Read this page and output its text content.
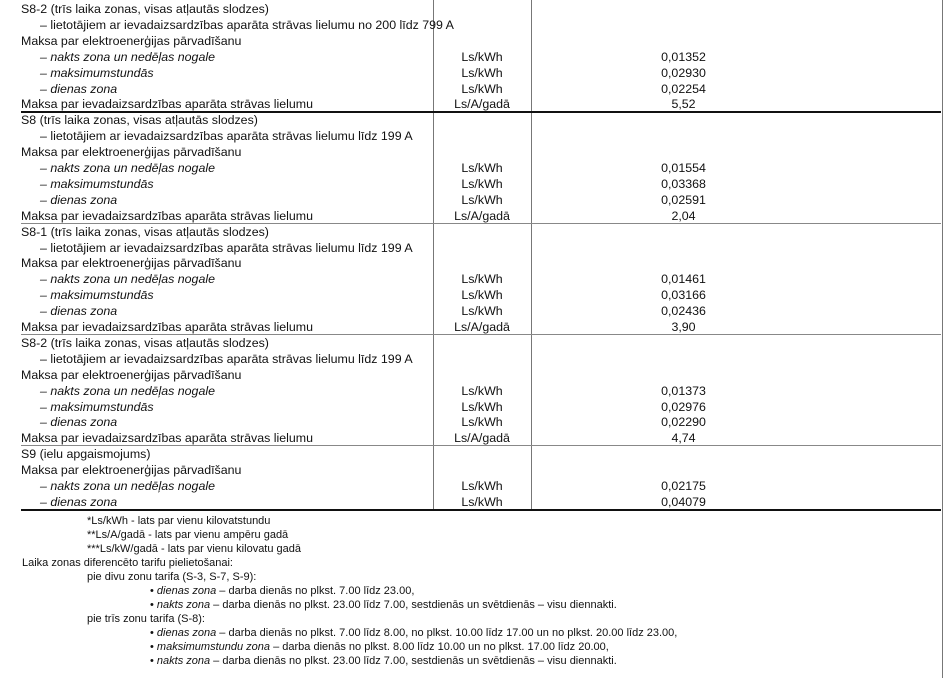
S8-2 (trīs laika zonas, visas atļautās slodzes)
– lietotājiem ar ievadaizsardzības aparāta strāvas lielumu no 200 līdz 799 A
Maksa par elektroenerģijas pārvadīšanu
– nakts zona un nedēļas nogale	Ls/kWh	0,01352
– maksimumstundās	Ls/kWh	0,02930
– dienas zona	Ls/kWh	0,02254
Maksa par ievadaizsardzības aparāta strāvas lielumu	Ls/A/gadā	5,52
S8 (trīs laika zonas, visas atļautās slodzes)
– lietotājiem ar ievadaizsardzības aparāta strāvas lielumu līdz 199 A
Maksa par elektroenerģijas pārvadīšanu
– nakts zona un nedēļas nogale	Ls/kWh	0,01554
– maksimumstundās	Ls/kWh	0,03368
– dienas zona	Ls/kWh	0,02591
Maksa par ievadaizsardzības aparāta strāvas lielumu	Ls/A/gadā	2,04
S8-1 (trīs laika zonas, visas atļautās slodzes)
– lietotājiem ar ievadaizsardzības aparāta strāvas lielumu līdz 199 A
Maksa par elektroenerģijas pārvadīšanu
– nakts zona un nedēļas nogale	Ls/kWh	0,01461
– maksimumstundās	Ls/kWh	0,03166
– dienas zona	Ls/kWh	0,02436
Maksa par ievadaizsardzības aparāta strāvas lielumu	Ls/A/gadā	3,90
S8-2 (trīs laika zonas, visas atļautās slodzes)
– lietotājiem ar ievadaizsardzības aparāta strāvas lielumu līdz 199 A
Maksa par elektroenerģijas pārvadīšanu
– nakts zona un nedēļas nogale	Ls/kWh	0,01373
– maksimumstundās	Ls/kWh	0,02976
– dienas zona	Ls/kWh	0,02290
Maksa par ievadaizsardzības aparāta strāvas lielumu	Ls/A/gadā	4,74
S9 (ielu apgaismojums)
Maksa par elektroenerģijas pārvadīšanu
– nakts zona un nedēļas nogale	Ls/kWh	0,02175
– dienas zona	Ls/kWh	0,04079
*Ls/kWh - lats par vienu kilovatstundu
**Ls/A/gadā - lats par vienu ampēru gadā
***Ls/kW/gadā - lats par vienu kilovatu gadā
Laika zonas diferencēto tarifu pielietošanai:
pie divu zonu tarifa (S-3, S-7, S-9):
• dienas zona – darba dienās no plkst. 7.00 līdz 23.00,
• nakts zona – darba dienās no plkst. 23.00 līdz 7.00, sestdienās un svētdienās – visu diennakti.
pie trīs zonu tarifa (S-8):
• dienas zona – darba dienās no plkst. 7.00 līdz 8.00, no plkst. 10.00 līdz 17.00 un no plkst. 20.00 līdz 23.00,
• maksimumstundu zona – darba dienās no plkst. 8.00 līdz 10.00 un no plkst. 17.00 līdz 20.00,
• nakts zona – darba dienās no plkst. 23.00 līdz 7.00, sestdienās un svētdienās – visu diennakti.
